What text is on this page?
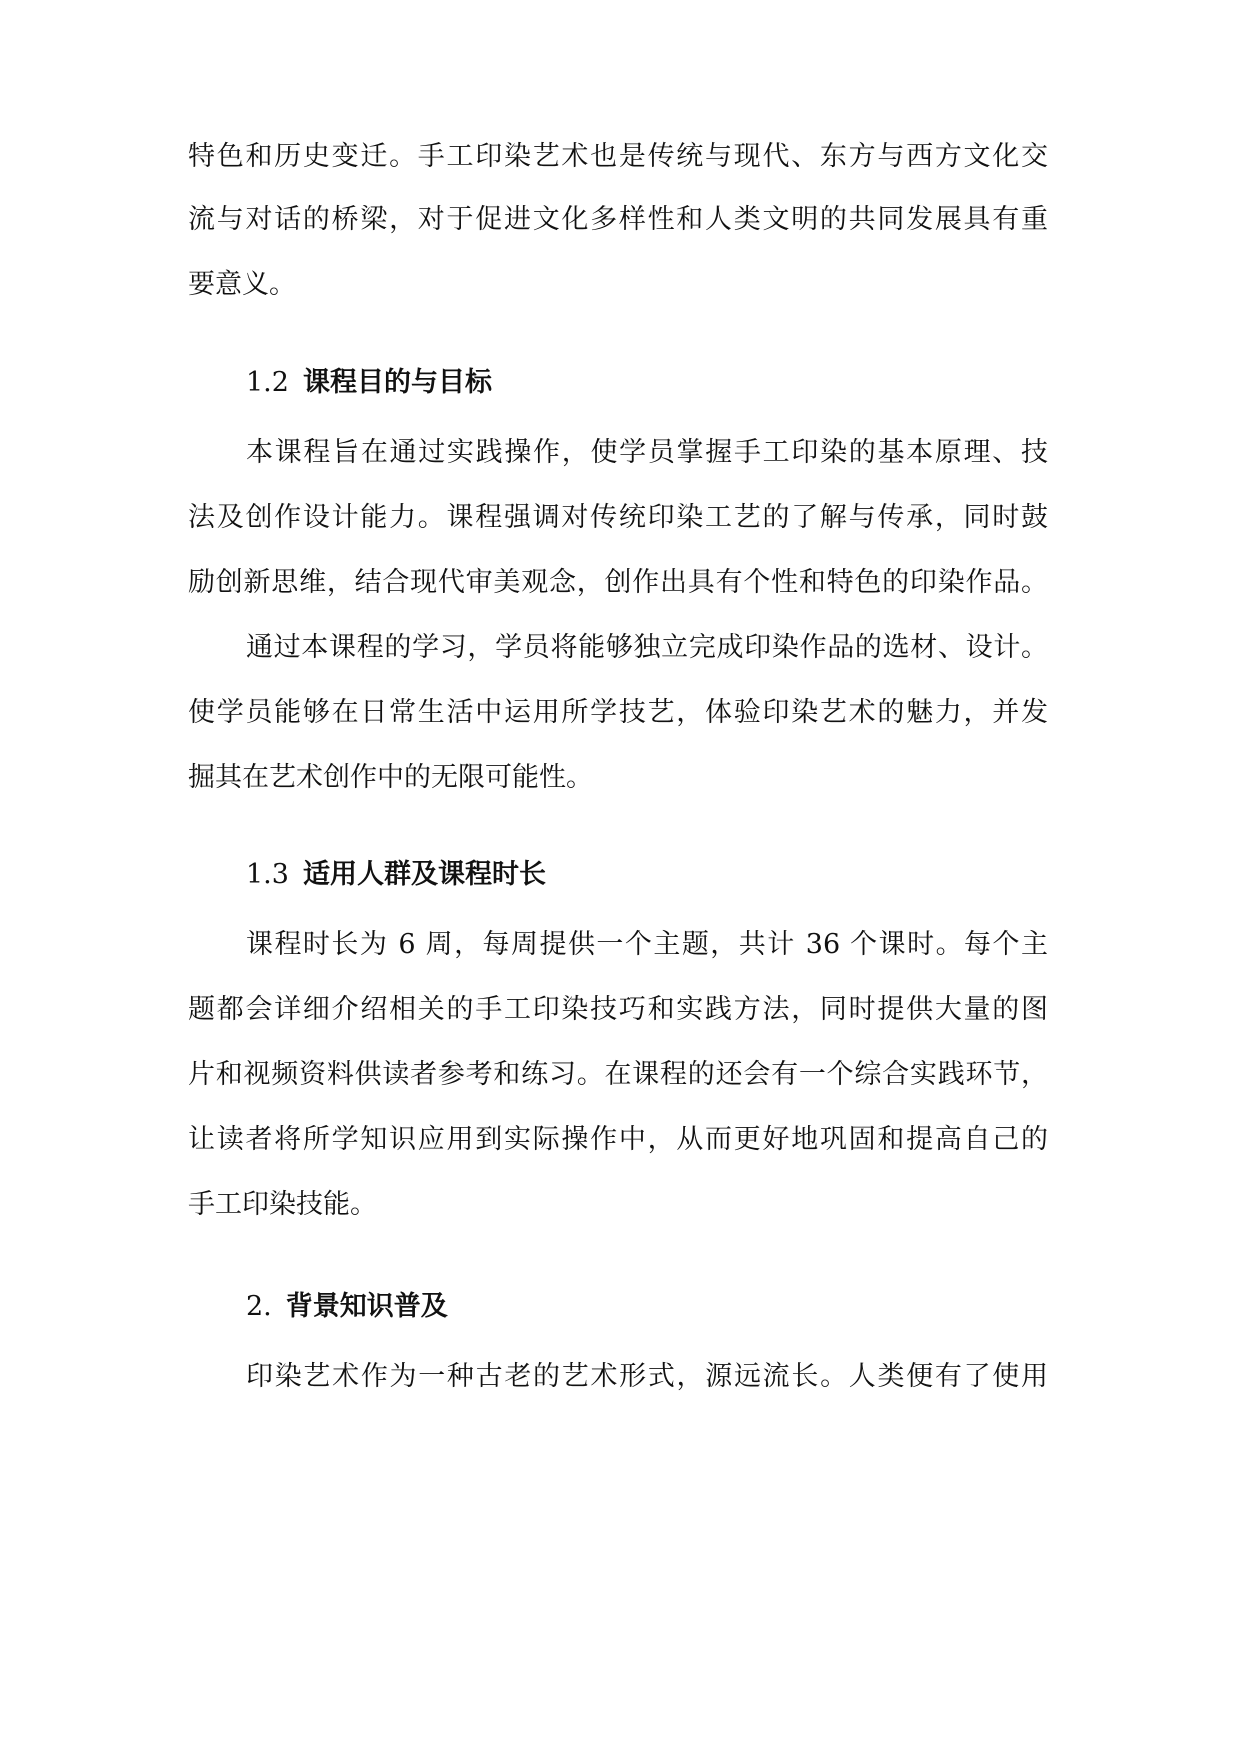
特色和历史变迁。手工印染艺术也是传统与现代、东方与西方文化交
流与对话的桥梁，对于促进文化多样性和人类文明的共同发展具有重
要意义。
1.2 课程目的与目标
本课程旨在通过实践操作，使学员掌握手工印染的基本原理、技
法及创作设计能力。课程强调对传统印染工艺的了解与传承，同时鼓
励创新思维，结合现代审美观念，创作出具有个性和特色的印染作品。
通过本课程的学习，学员将能够独立完成印染作品的选材、设计。
使学员能够在日常生活中运用所学技艺，体验印染艺术的魅力，并发
掘其在艺术创作中的无限可能性。
1.3 适用人群及课程时长
课程时长为 6 周，每周提供一个主题，共计 36 个课时。每个主
题都会详细介绍相关的手工印染技巧和实践方法，同时提供大量的图
片和视频资料供读者参考和练习。在课程的还会有一个综合实践环节，
让读者将所学知识应用到实际操作中，从而更好地巩固和提高自己的
手工印染技能。
2. 背景知识普及
印染艺术作为一种古老的艺术形式，源远流长。人类便有了使用
